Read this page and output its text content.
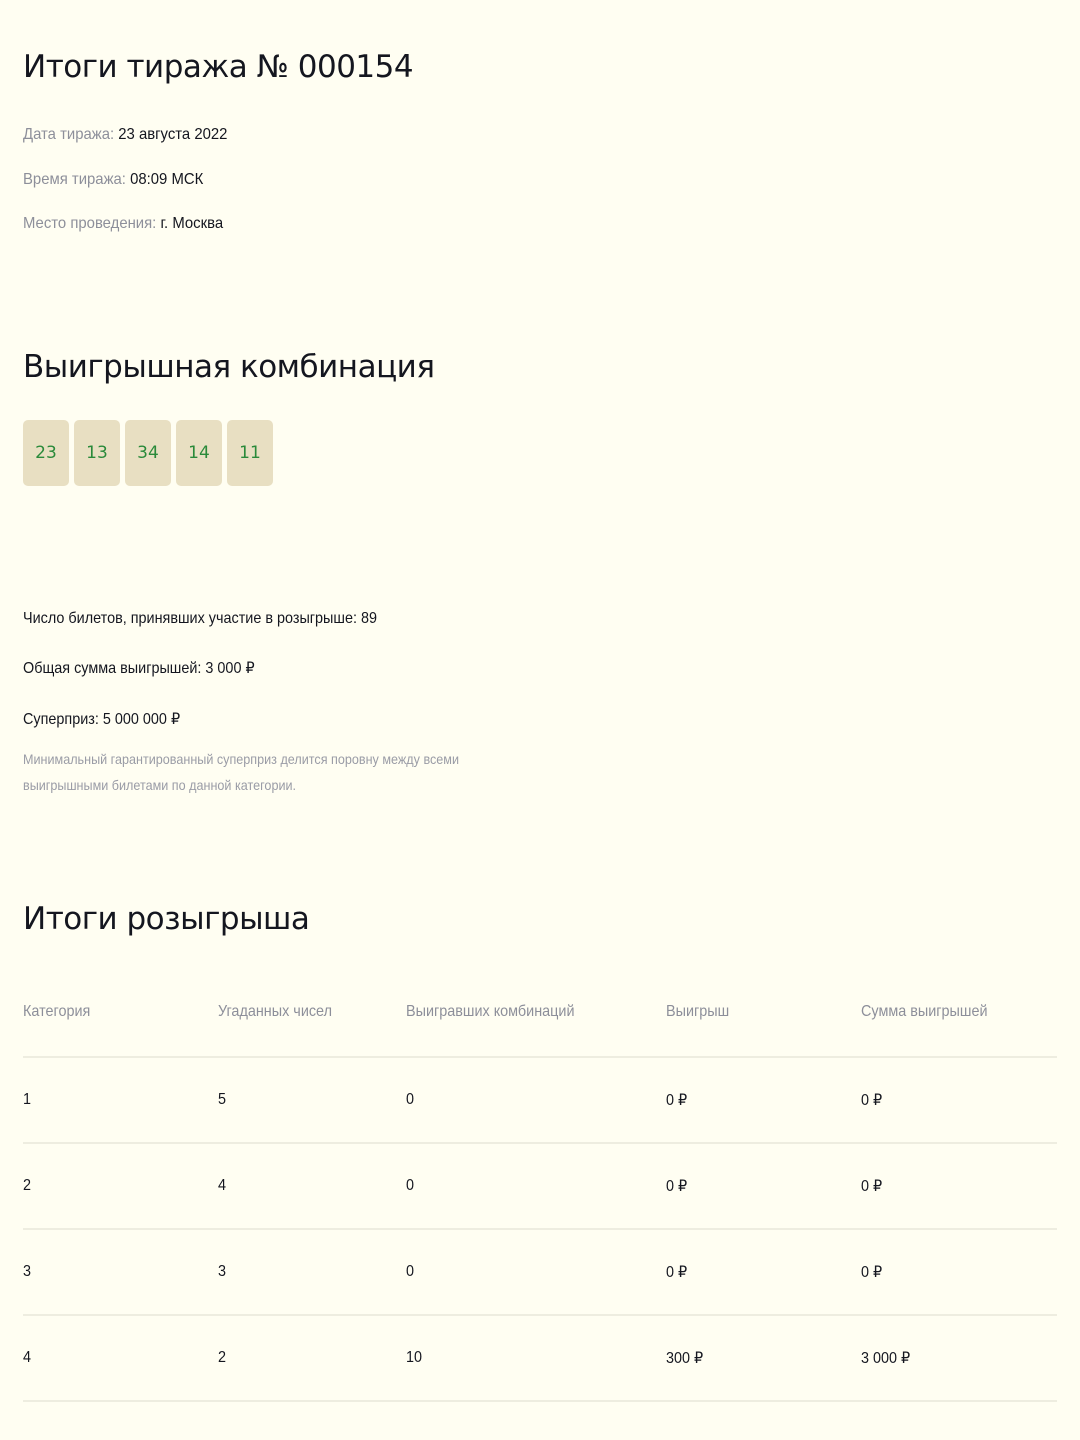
Итоги тиража № 000154
Дата тиража: 23 августа 2022
Время тиража: 08:09 МСК
Место проведения: г. Москва
Выигрышная комбинация
23	13	34	14	11
Число билетов, принявших участие в розыгрыше: 89
Общая сумма выигрышей: 3 000 ₽
Суперприз: 5 000 000 ₽
Минимальный гарантированный суперприз делится поровну между всеми выигрышными билетами по данной категории.
Итоги розыгрыша
Категория	Угаданных чисел	Выигравших комбинаций	Выигрыш	Сумма выигрышей
1	5	0	0 ₽	0 ₽
2	4	0	0 ₽	0 ₽
3	3	0	0 ₽	0 ₽
4	2	10	300 ₽	3 000 ₽
